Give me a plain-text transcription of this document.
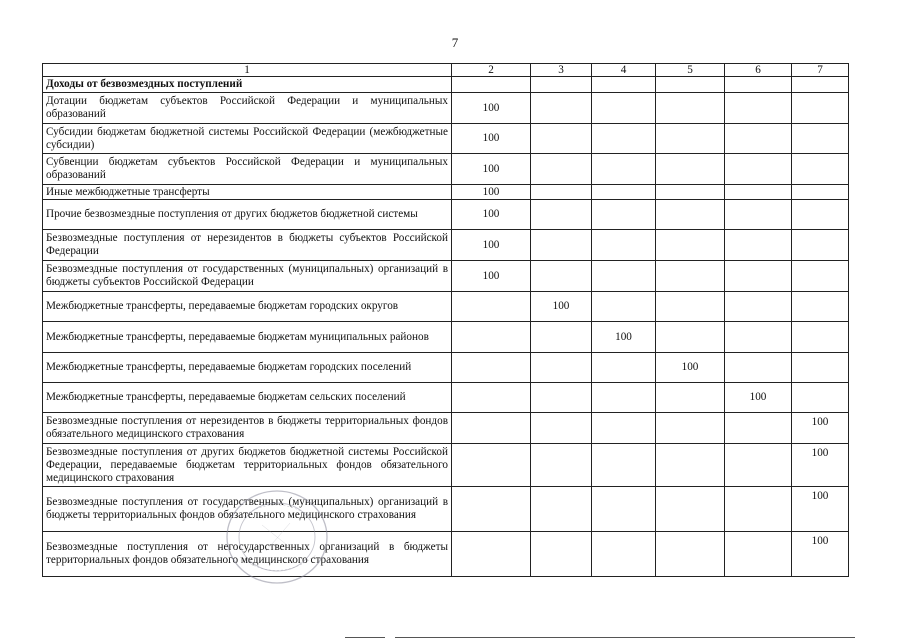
7
1	2	3	4	5	6	7
Доходы от безвозмездных поступлений						
Дотации бюджетам субъектов Российской Федерации и муниципальных образований	100					
Субсидии бюджетам бюджетной системы Российской Федерации (межбюджетные субсидии)	100					
Субвенции бюджетам субъектов Российской Федерации и муниципальных образований	100					
Иные межбюджетные трансферты	100					
Прочие безвозмездные поступления от других бюджетов бюджетной системы	100					
Безвозмездные поступления от нерезидентов в бюджеты субъектов Российской Федерации	100					
Безвозмездные поступления от государственных (муниципальных) организаций в бюджеты субъектов Российской Федерации	100					
Межбюджетные трансферты, передаваемые бюджетам городских округов		100				
Межбюджетные трансферты, передаваемые бюджетам муниципальных районов			100			
Межбюджетные трансферты, передаваемые бюджетам городских поселений				100		
Межбюджетные трансферты, передаваемые бюджетам сельских поселений					100	
Безвозмездные поступления от нерезидентов в бюджеты территориальных фондов обязательного медицинского страхования						100
Безвозмездные поступления от других бюджетов бюджетной системы Российской Федерации, передаваемые бюджетам территориальных фондов обязательного медицинского страхования						100
Безвозмездные поступления от государственных (муниципальных) организаций в бюджеты территориальных фондов обязательного медицинского страхования						100
Безвозмездные поступления от негосударственных организаций в бюджеты территориальных фондов обязательного медицинского страхования						100
